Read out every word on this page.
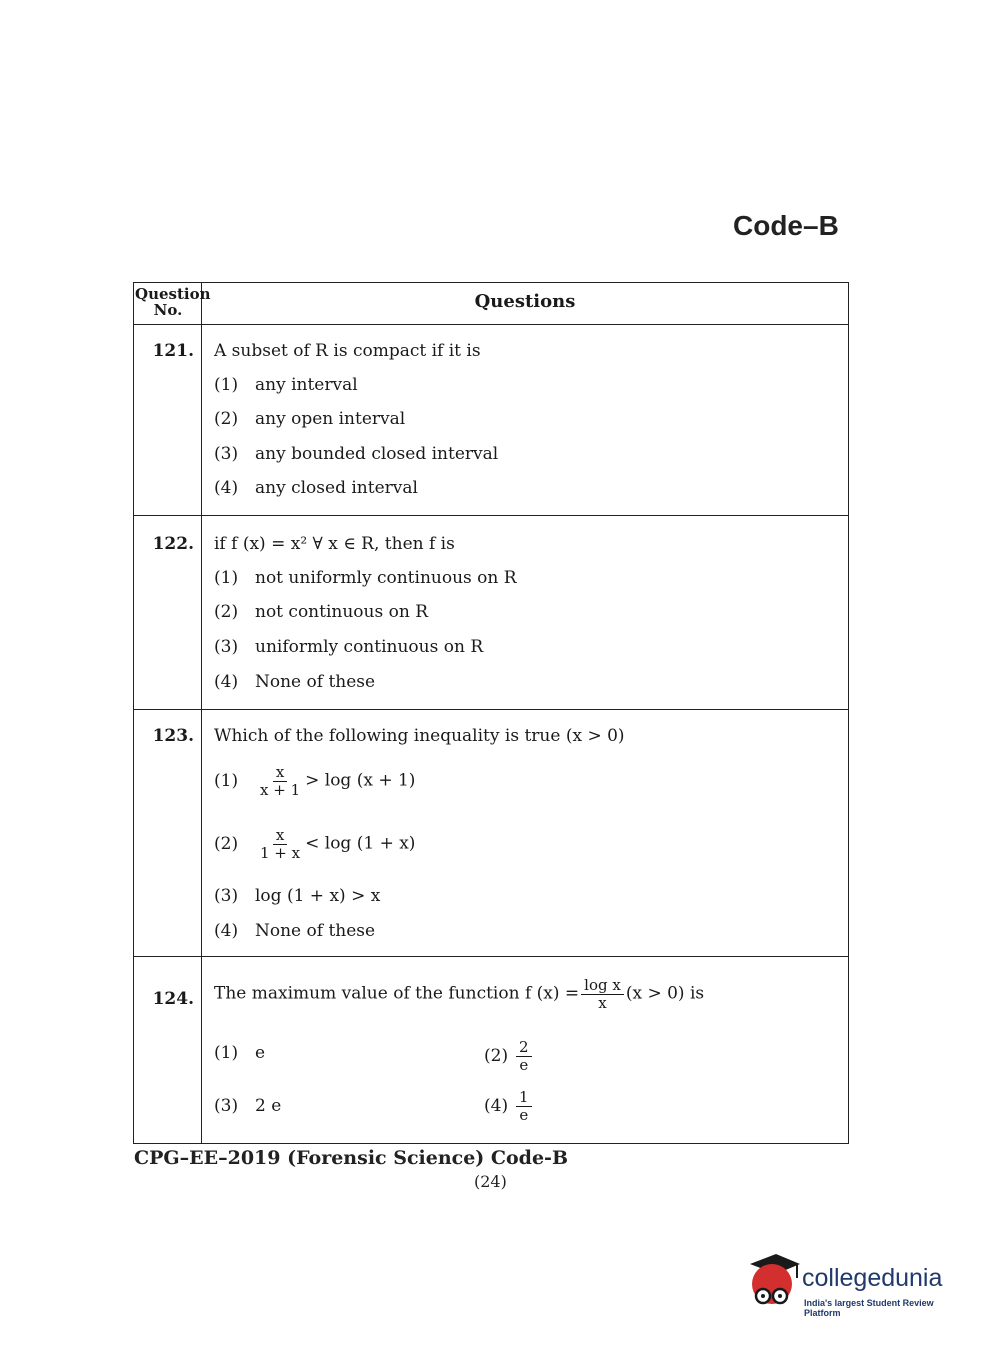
Code–B
Question
No.	Questions
121. A subset of R is compact if it is
(1) any interval
(2) any open interval
(3) any bounded closed interval
(4) any closed interval
122. if f (x) = x² ∀ x ∈ R, then f is
(1) not uniformly continuous on R
(2) not continuous on R
(3) uniformly continuous on R
(4) None of these
123. Which of the following inequality is true (x > 0)
$(1) \frac{x}{x + 1} > \log (x + 1)$
$(2) \frac{x}{1 + x} < \log (1 + x)$
(3) log (1 + x) > x
(4) None of these
124. The maximum value of the function f $(x) = \frac{\text{log x}}{x} (x > 0)$ is
(1) e	$(2) \frac{2}{e}$
(3) 2 e	$(4) \frac{1}{e}$
CPG–EE–2019 (Forensic Science) Code-B
(24)
collegedunia
India's largest Student Review Platform
